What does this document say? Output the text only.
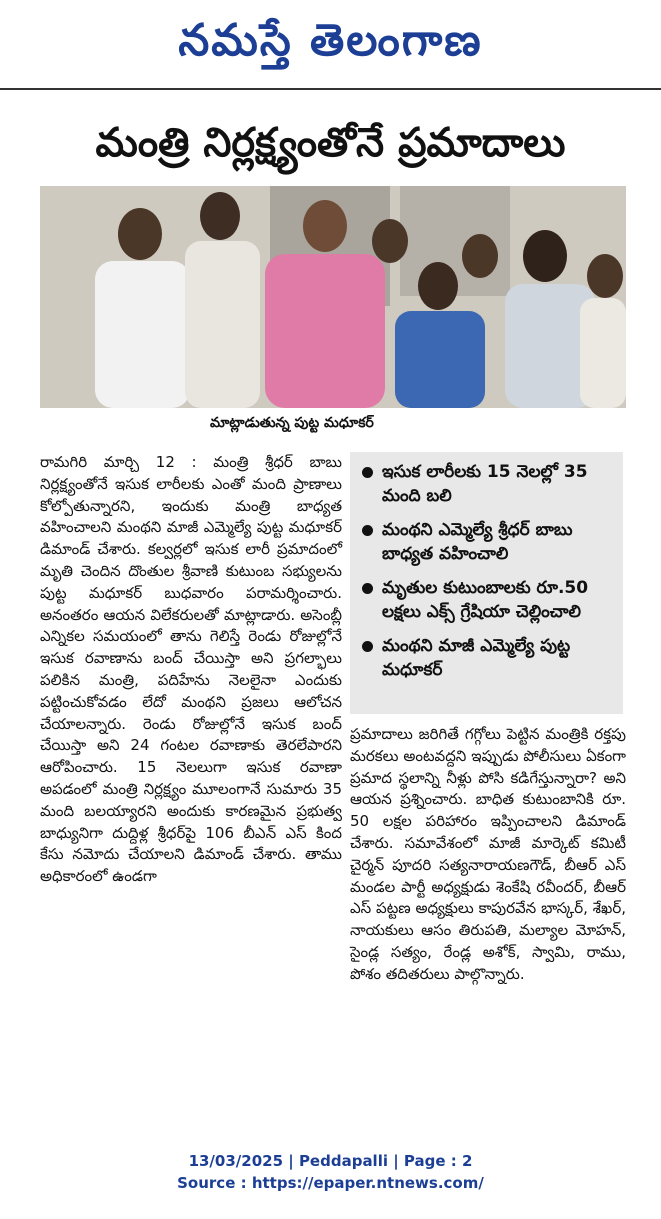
నమస్తే తెలంగాణ
మంత్రి నిర్లక్ష్యంతోనే ప్రమాదాలు
మాట్లాడుతున్న పుట్ట మధూకర్
రామగిరి మార్చి 12 : మంత్రి శ్రీధర్ బాబు నిర్లక్ష్యంతోనే ఇసుక లారీలకు ఎంతో మంది ప్రాణాలు కోల్పోతున్నారని, ఇందుకు మంత్రి బాధ్యత వహించాలని మంథని మాజీ ఎమ్మెల్యే పుట్ట మధూకర్ డిమాండ్ చేశారు. కల్వర్లలో ఇసుక లారీ ప్రమాదంలో మృతి చెందిన దొంతుల శ్రీవాణి కుటుంబ సభ్యులను పుట్ట మధూకర్ బుధవారం పరామర్శించారు. అనంతరం ఆయన విలేకరులతో మాట్లాడారు. అసెంబ్లీ ఎన్నికల సమయంలో తాను గెలిస్తే రెండు రోజుల్లోనే ఇసుక రవాణాను బంద్ చేయిస్తా అని ప్రగల్భాలు పలికిన మంత్రి, పదిహేను నెలలైనా ఎందుకు పట్టించుకోవడం లేదో మంథని ప్రజలు ఆలోచన చేయాలన్నారు. రెండు రోజుల్లోనే ఇసుక బంద్ చేయిస్తా అని 24 గంటల రవాణాకు తెరలేపారని ఆరోపించారు. 15 నెలలుగా ఇసుక రవాణా అపడంలో మంత్రి నిర్లక్ష్యం మూలంగానే సుమారు 35 మంది బలయ్యారని అందుకు కారణమైన ప్రభుత్వ బాధ్యునిగా దుద్దిళ్ల శ్రీధర్‌పై 106 బీఎన్ ఎస్ కింద కేసు నమోదు చేయాలని డిమాండ్ చేశారు. తాము అధికారంలో ఉండగా
ఇసుక లారీలకు 15 నెలల్లో 35 మంది బలి
మంథని ఎమ్మెల్యే శ్రీధర్ బాబు బాధ్యత వహించాలి
మృతుల కుటుంబాలకు రూ.50 లక్షలు ఎక్స్ గ్రేషియా చెల్లించాలి
మంథని మాజీ ఎమ్మెల్యే పుట్ట మధూకర్
ప్రమాదాలు జరిగితే గగ్గోలు పెట్టిన మంత్రికి రక్తపు మరకలు అంటవద్దని ఇప్పుడు పోలీసులు ఏకంగా ప్రమాద స్థలాన్ని నీళ్లు పోసి కడిగేస్తున్నారా? అని ఆయన ప్రశ్నించారు. బాధిత కుటుంబానికి రూ. 50 లక్షల పరిహారం ఇప్పించాలని డిమాండ్ చేశారు. సమావేశంలో మాజీ మార్కెట్ కమిటీ చైర్మన్ పూదరి సత్యనారాయణగౌడ్, బీఆర్ ఎస్ మండల పార్టీ అధ్యక్షుడు శెంకేషి రవీందర్, బీఆర్ ఎస్ పట్టణ అధ్యక్షులు కాపురవేన భాస్కర్, శేఖర్, నాయకులు ఆసం తిరుపతి, మల్యాల మోహన్, సైండ్ల సత్యం, రేండ్ల అశోక్, స్వామి, రాము, పోశం తదితరులు పాల్గొన్నారు.
13/03/2025 | Peddapalli | Page : 2
Source : https://epaper.ntnews.com/
